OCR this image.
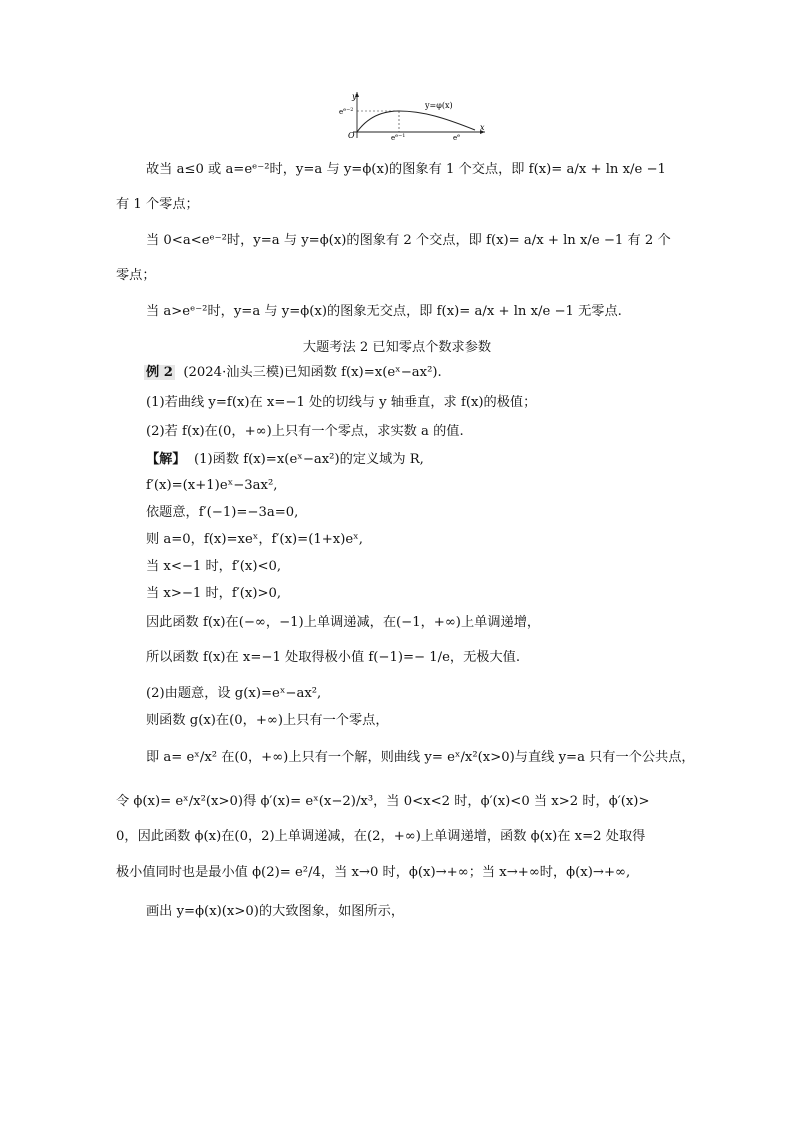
y
x
O
$e^{e-2}$
$e^{e-1}$	$e^e$
y=φ(x)
故当 a≤0 或 a=eᵉ⁻²时，y=a 与 y=ϕ(x)的图象有 1 个交点，即 f(x)= a/x + ln x/e −1
有 1 个零点；
当 0<a<eᵉ⁻²时，y=a 与 y=ϕ(x)的图象有 2 个交点，即 f(x)= a/x + ln x/e −1 有 2 个
零点；
当 a>eᵉ⁻²时，y=a 与 y=ϕ(x)的图象无交点，即 f(x)= a/x + ln x/e −1 无零点.
大题考法 2 已知零点个数求参数
例 2 (2024·汕头三模)已知函数 f(x)=x(eˣ−ax²).
(1)若曲线 y=f(x)在 x=−1 处的切线与 y 轴垂直，求 f(x)的极值；
(2)若 f(x)在(0，+∞)上只有一个零点，求实数 a 的值.
【解】 (1)函数 f(x)=x(eˣ−ax²)的定义域为 R,
f′(x)=(x+1)eˣ−3ax²,
依题意，f′(−1)=−3a=0,
则 a=0，f(x)=xeˣ，f′(x)=(1+x)eˣ,
当 x<−1 时，f′(x)<0,
当 x>−1 时，f′(x)>0,
因此函数 f(x)在(−∞，−1)上单调递减，在(−1，+∞)上单调递增，
所以函数 f(x)在 x=−1 处取得极小值 f(−1)=− 1/e，无极大值.
(2)由题意，设 g(x)=eˣ−ax²,
则函数 g(x)在(0，+∞)上只有一个零点，
即 a= eˣ/x² 在(0，+∞)上只有一个解，则曲线 y= eˣ/x²(x>0)与直线 y=a 只有一个公共点，
令 ϕ(x)= eˣ/x²(x>0)得 ϕ′(x)= eˣ(x−2)/x³，当 0<x<2 时，ϕ′(x)<0 当 x>2 时，ϕ′(x)>
0，因此函数 ϕ(x)在(0，2)上单调递减，在(2，+∞)上单调递增，函数 ϕ(x)在 x=2 处取得
极小值同时也是最小值 ϕ(2)= e²/4，当 x→0 时，ϕ(x)→+∞；当 x→+∞时，ϕ(x)→+∞,
画出 y=ϕ(x)(x>0)的大致图象，如图所示，
